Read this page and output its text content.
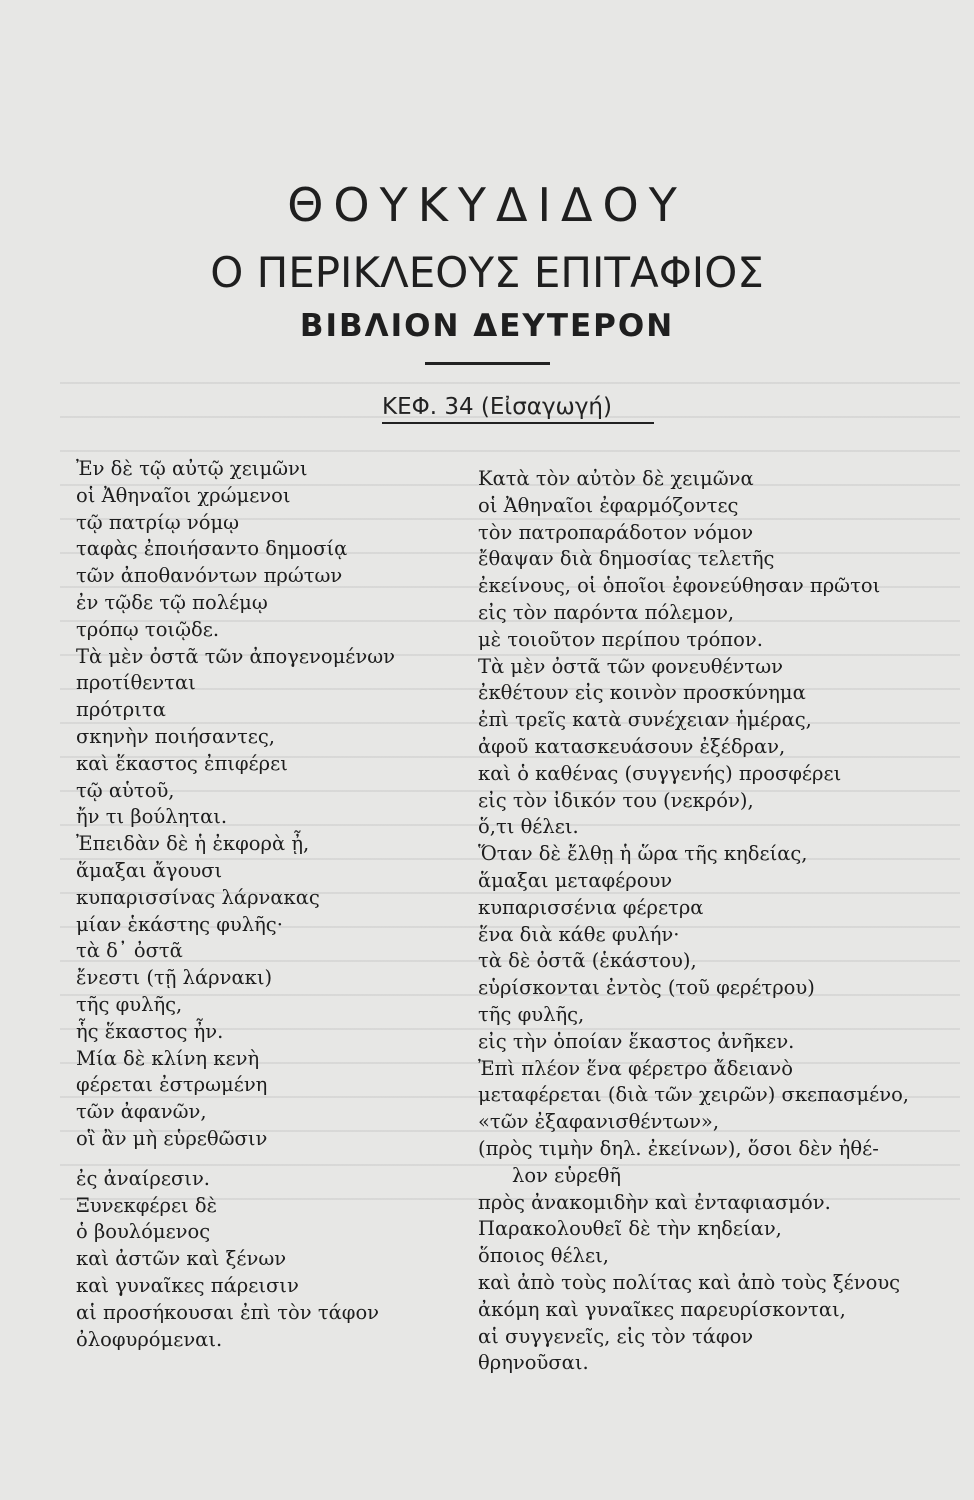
ΘΟΥΚΥΔΙΔΟΥ
Ο ΠΕΡΙΚΛΕΟΥΣ ΕΠΙΤΑΦΙΟΣ
ΒΙΒΛΙΟΝ ΔΕΥΤΕΡΟΝ
ΚΕΦ. 34 (Εἰσαγωγή)
Ἐν δὲ τῷ αὐτῷ χειμῶνι
οἱ Ἀθηναῖοι χρώμενοι
τῷ πατρίῳ νόμῳ
ταφὰς ἐποιήσαντο δημοσίᾳ
τῶν ἀποθανόντων πρώτων
ἐν τῷδε τῷ πολέμῳ
τρόπῳ τοιῷδε.
Τὰ μὲν ὀστᾶ τῶν ἀπογενομένων
προτίθενται
πρότριτα
σκηνὴν ποιήσαντες,
καὶ ἕκαστος ἐπιφέρει
τῷ αὑτοῦ,
ἤν τι βούληται.
Ἐπειδὰν δὲ ἡ ἐκφορὰ ᾖ,
ἅμαξαι ἄγουσι
κυπαρισσίνας λάρνακας
μίαν ἑκάστης φυλῆς·
τὰ δ᾽ ὀστᾶ
ἔνεστι (τῇ λάρνακι)
τῆς φυλῆς,
ἧς ἕκαστος ἦν.
Μία δὲ κλίνη κενὴ
φέρεται ἐστρωμένη
τῶν ἀφανῶν,
οἳ ἂν μὴ εὑρεθῶσιν
ἐς ἀναίρεσιν.
Ξυνεκφέρει δὲ
ὁ βουλόμενος
καὶ ἀστῶν καὶ ξένων
καὶ γυναῖκες πάρεισιν
αἱ προσήκουσαι ἐπὶ τὸν τάφον
ὀλοφυρόμεναι.
Κατὰ τὸν αὐτὸν δὲ χειμῶνα
οἱ Ἀθηναῖοι ἐφαρμόζοντες
τὸν πατροπαράδοτον νόμον
ἔθαψαν διὰ δημοσίας τελετῆς
ἐκείνους, οἱ ὁποῖοι ἐφονεύθησαν πρῶτοι
εἰς τὸν παρόντα πόλεμον,
μὲ τοιοῦτον περίπου τρόπον.
Τὰ μὲν ὀστᾶ τῶν φονευθέντων
ἐκθέτουν εἰς κοινὸν προσκύνημα
ἐπὶ τρεῖς κατὰ συνέχειαν ἡμέρας,
ἀφοῦ κατασκευάσουν ἐξέδραν,
καὶ ὁ καθένας (συγγενής) προσφέρει
εἰς τὸν ἰδικόν του (νεκρόν),
ὅ,τι θέλει.
Ὅταν δὲ ἔλθῃ ἡ ὥρα τῆς κηδείας,
ἅμαξαι μεταφέρουν
κυπαρισσένια φέρετρα
ἕνα διὰ κάθε φυλήν·
τὰ δὲ ὀστᾶ (ἑκάστου),
εὑρίσκονται ἐντὸς (τοῦ φερέτρου)
τῆς φυλῆς,
εἰς τὴν ὁποίαν ἕκαστος ἀνῆκεν.
Ἐπὶ πλέον ἕνα φέρετρο ἄδειανὸ
μεταφέρεται (διὰ τῶν χειρῶν) σκεπασμένο,
«τῶν ἐξαφανισθέντων»,
(πρὸς τιμὴν δηλ. ἐκείνων), ὅσοι δὲν ἠθέ-
λον εὑρεθῆ
πρὸς ἀνακομιδὴν καὶ ἐνταφιασμόν.
Παρακολουθεῖ δὲ τὴν κηδείαν,
ὅποιος θέλει,
καὶ ἀπὸ τοὺς πολίτας καὶ ἀπὸ τοὺς ξένους
ἀκόμη καὶ γυναῖκες παρευρίσκονται,
αἱ συγγενεῖς, εἰς τὸν τάφον
θρηνοῦσαι.
